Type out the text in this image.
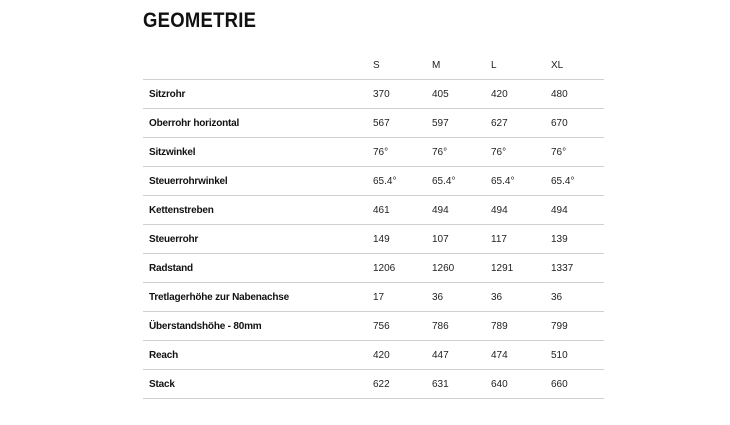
GEOMETRIE
	S	M	L	XL
Sitzrohr	370	405	420	480
Oberrohr horizontal	567	597	627	670
Sitzwinkel	76°	76°	76°	76°
Steuerrohrwinkel	65.4°	65.4°	65.4°	65.4°
Kettenstreben	461	494	494	494
Steuerrohr	149	107	117	139
Radstand	1206	1260	1291	1337
Tretlagerhöhe zur Nabenachse	17	36	36	36
Überstandshöhe - 80mm	756	786	789	799
Reach	420	447	474	510
Stack	622	631	640	660
